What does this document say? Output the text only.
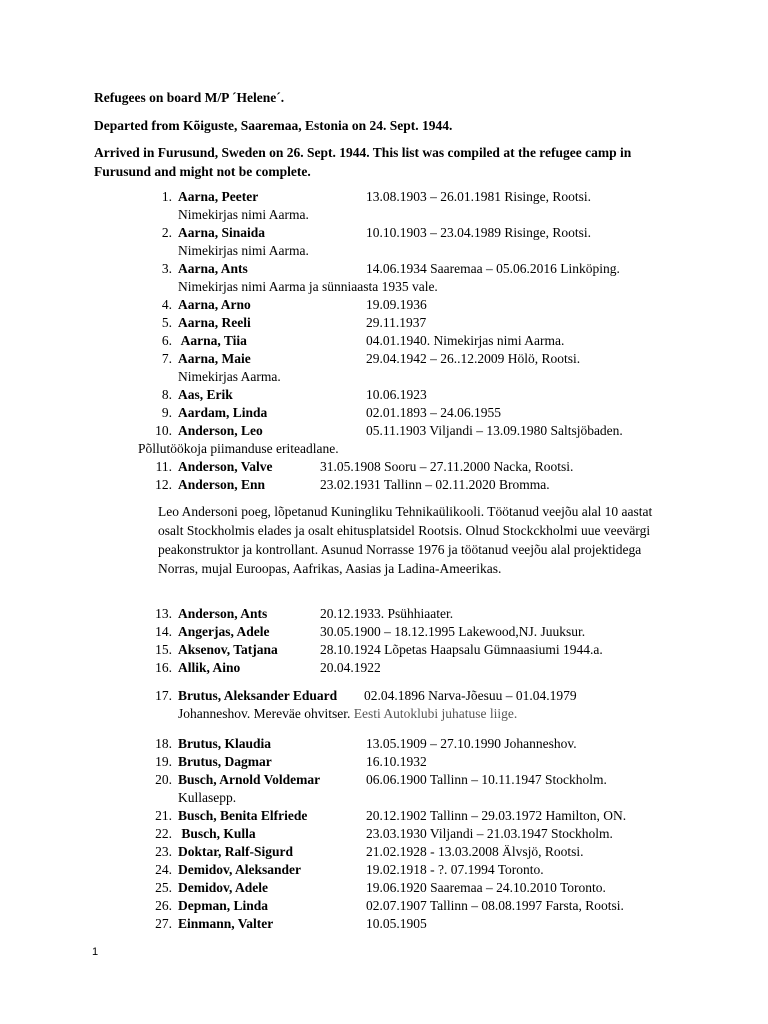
Refugees on board M/P ´Helene´.
Departed from Kõiguste, Saaremaa, Estonia on 24. Sept. 1944.
Arrived in Furusund, Sweden on 26. Sept. 1944. This list was compiled at the refugee camp in Furusund and might not be complete.
1. Aarna, Peeter	13.08.1903 – 26.01.1981 Risinge, Rootsi.
Nimekirjas nimi Aarma.
2. Aarna, Sinaida	10.10.1903 – 23.04.1989 Risinge, Rootsi.
Nimekirjas nimi Aarma.
3. Aarna, Ants	14.06.1934 Saaremaa – 05.06.2016 Linköping.
Nimekirjas nimi Aarma ja sünniaasta 1935 vale.
4. Aarna, Arno	19.09.1936
5. Aarna, Reeli	29.11.1937
6. Aarna, Tiia	04.01.1940. Nimekirjas nimi Aarma.
7. Aarna, Maie	29.04.1942 – 26..12.2009 Hölö, Rootsi.
Nimekirjas Aarma.
8. Aas, Erik	10.06.1923
9. Aardam, Linda	02.01.1893 – 24.06.1955
10. Anderson, Leo	05.11.1903 Viljandi – 13.09.1980 Saltsjöbaden.
Põllutöökoja piimanduse eriteadlane.
11. Anderson, Valve	31.05.1908 Sooru – 27.11.2000 Nacka, Rootsi.
12. Anderson, Enn	23.02.1931 Tallinn – 02.11.2020 Bromma.
Leo Andersoni poeg, lõpetanud Kuningliku Tehnikaülikooli. Töötanud veejõu alal 10 aastat osalt Stockholmis elades ja osalt ehitusplatsidel Rootsis. Olnud Stockckholmi uue veevärgi peakonstruktor ja kontrollant. Asunud Norrasse 1976 ja töötanud veejõu alal projektidega Norras, mujal Euroopas, Aafrikas, Aasias ja Ladina-Ameerikas.
13. Anderson, Ants	20.12.1933. Psühhiaater.
14. Angerjas, Adele	30.05.1900 – 18.12.1995 Lakewood,NJ. Juuksur.
15. Aksenov, Tatjana	28.10.1924 Lõpetas Haapsalu Gümnaasiumi 1944.a.
16. Allik, Aino	20.04.1922
17. Brutus, Aleksander Eduard 02.04.1896 Narva-Jõesuu – 01.04.1979
Johanneshov. Mereväe ohvitser. Eesti Autoklubi juhatuse liige.
18. Brutus, Klaudia	13.05.1909 – 27.10.1990 Johanneshov.
19. Brutus, Dagmar	16.10.1932
20. Busch, Arnold Voldemar	06.06.1900 Tallinn – 10.11.1947 Stockholm.
Kullasepp.
21. Busch, Benita Elfriede	20.12.1902 Tallinn – 29.03.1972 Hamilton, ON.
22. Busch, Kulla	23.03.1930 Viljandi – 21.03.1947 Stockholm.
23. Doktar, Ralf-Sigurd	21.02.1928 - 13.03.2008 Älvsjö, Rootsi.
24. Demidov, Aleksander	19.02.1918 - ?. 07.1994 Toronto.
25. Demidov, Adele	19.06.1920 Saaremaa – 24.10.2010 Toronto.
26. Depman, Linda	02.07.1907 Tallinn – 08.08.1997 Farsta, Rootsi.
27. Einmann, Valter	10.05.1905
1
